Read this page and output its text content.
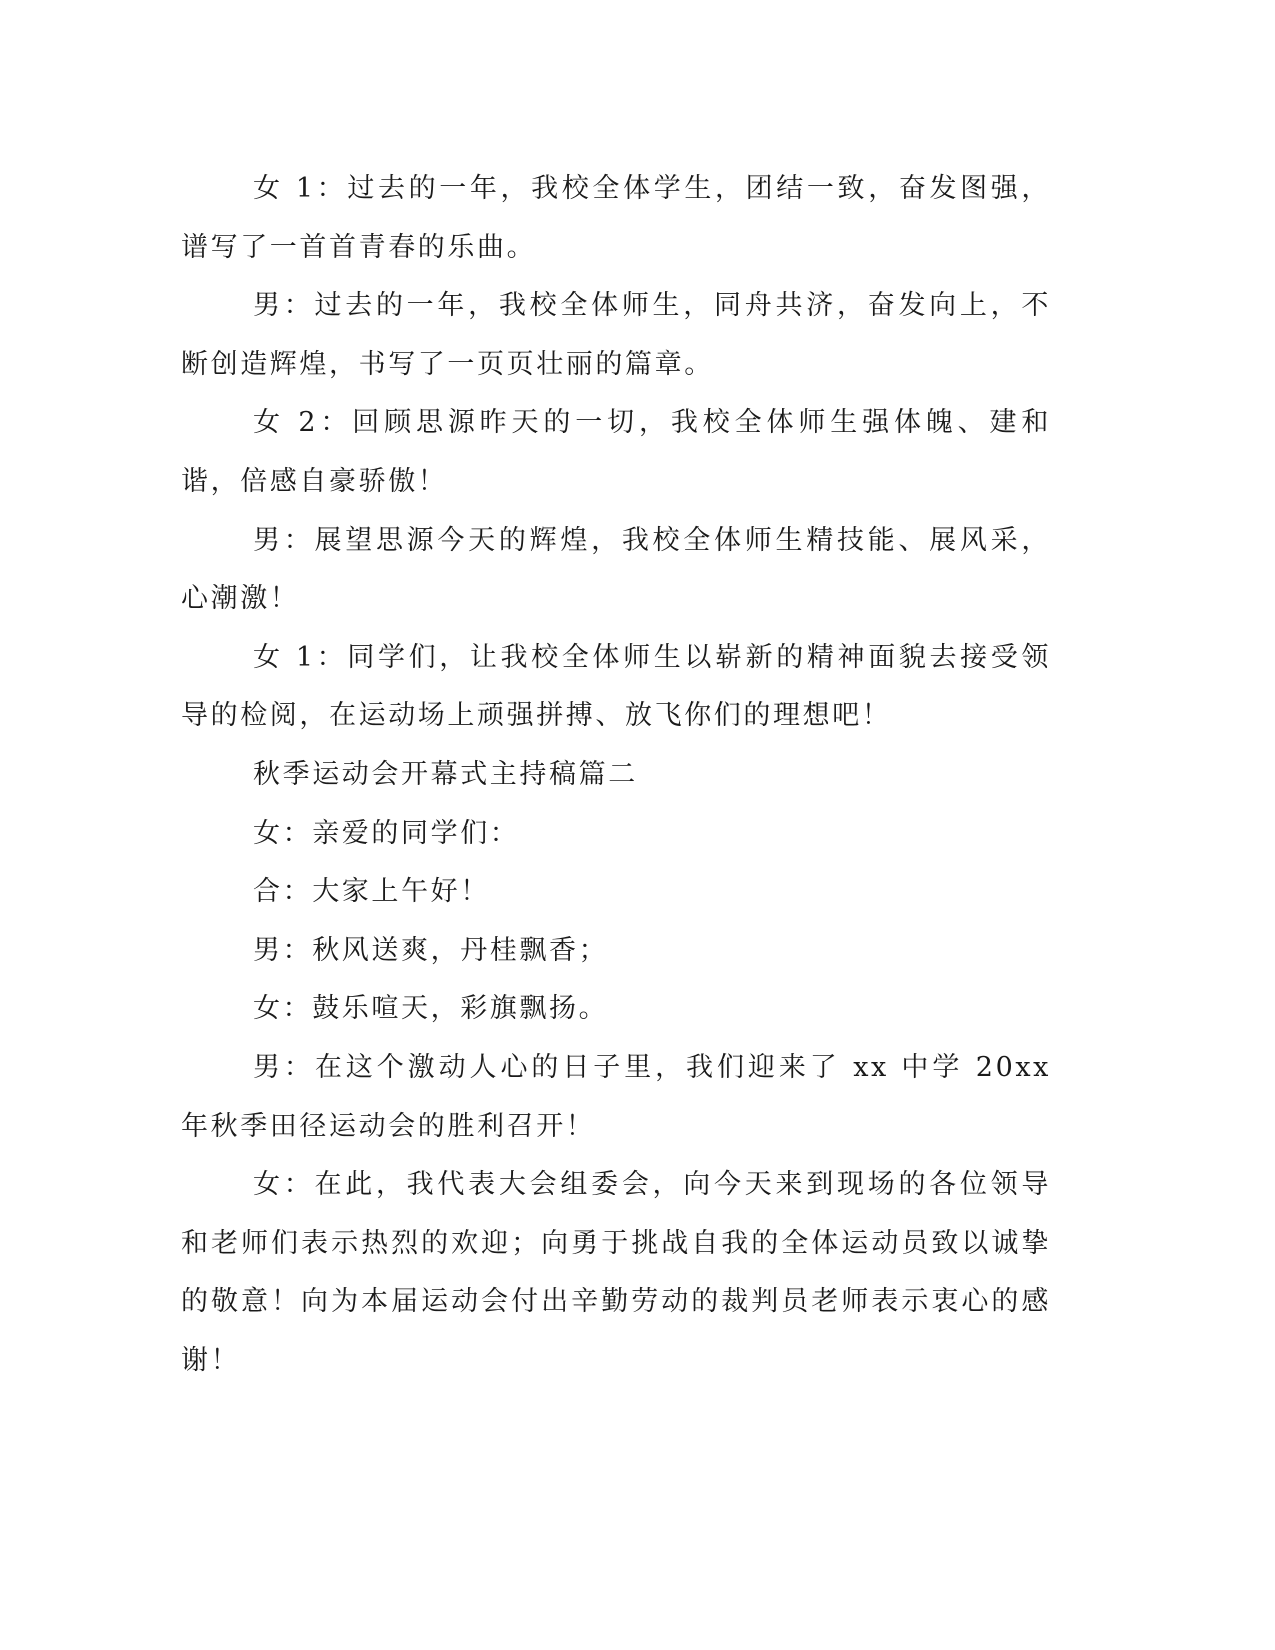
女 1：过去的一年，我校全体学生，团结一致，奋发图强，谱写了一首首青春的乐曲。

男：过去的一年，我校全体师生，同舟共济，奋发向上，不断创造辉煌，书写了一页页壮丽的篇章。

女 2：回顾思源昨天的一切，我校全体师生强体魄、建和谐，倍感自豪骄傲！

男：展望思源今天的辉煌，我校全体师生精技能、展风采，心潮激！

女 1：同学们，让我校全体师生以崭新的精神面貌去接受领导的检阅，在运动场上顽强拼搏、放飞你们的理想吧！

秋季运动会开幕式主持稿篇二

女：亲爱的同学们：

合：大家上午好！

男：秋风送爽，丹桂飘香；

女：鼓乐喧天，彩旗飘扬。

男：在这个激动人心的日子里，我们迎来了 xx 中学 20xx 年秋季田径运动会的胜利召开！

女：在此，我代表大会组委会，向今天来到现场的各位领导和老师们表示热烈的欢迎；向勇于挑战自我的全体运动员致以诚挚的敬意！向为本届运动会付出辛勤劳动的裁判员老师表示衷心的感谢！
